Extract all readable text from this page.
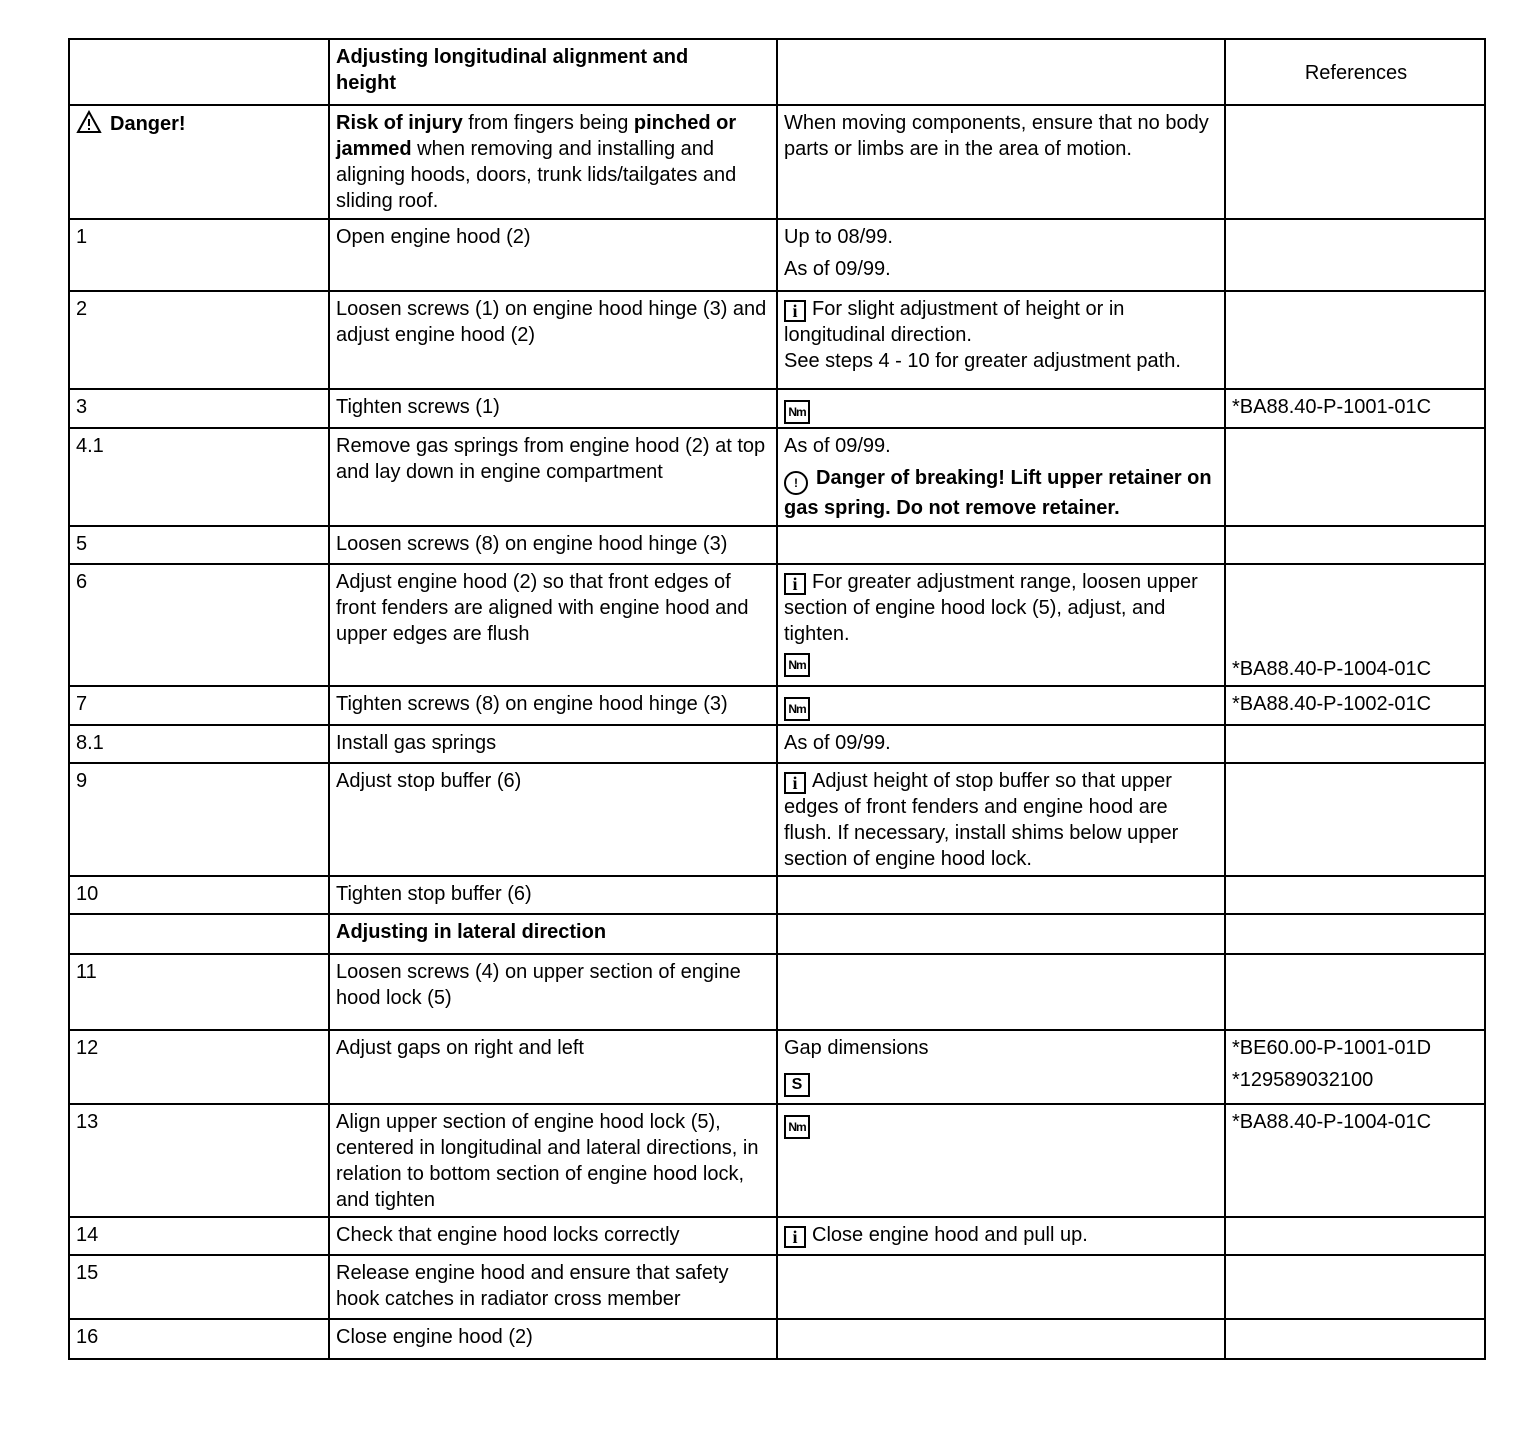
	Adjusting longitudinal alignment and
height		References
Danger!	Risk of injury from fingers being pinched or jammed when removing and installing and aligning hoods, doors, trunk lids/tailgates and sliding roof.	When moving components, ensure that no body parts or limbs are in the area of motion.	
1	Open engine hood (2)	Up to 08/99.
As of 09/99.	

2	Loosen screws (1) on engine hood hinge (3) and adjust engine hood (2)	i For slight adjustment of height or in longitudinal direction.
See steps 4 - 10 for greater adjustment path.	

3	Tighten screws (1)	Nm	*BA88.40-P-1001-01C
4.1	Remove gas springs from engine hood (2) at top and lay down in engine compartment	As of 09/99.
! Danger of breaking! Lift upper retainer on gas spring. Do not remove retainer.	

5	Loosen screws (8) on engine hood hinge (3)		
6	Adjust engine hood (2) so that front edges of front fenders are aligned with engine hood and upper edges are flush	i For greater adjustment range, loosen upper section of engine hood lock (5), adjust, and tighten.
Nm	*BA88.40-P-1004-01C
7	Tighten screws (8) on engine hood hinge (3)	Nm	*BA88.40-P-1002-01C
8.1	Install gas springs	As of 09/99.	
9	Adjust stop buffer (6)	i Adjust height of stop buffer so that upper edges of front fenders and engine hood are flush. If necessary, install shims below upper section of engine hood lock.	
10	Tighten stop buffer (6)		
	Adjusting in lateral direction		
11	Loosen screws (4) on upper section of engine hood lock (5)		
12	Adjust gaps on right and left	Gap dimensions
S	*BE60.00-P-1001-01D
*129589032100

13	Align upper section of engine hood lock (5), centered in longitudinal and lateral directions, in relation to bottom section of engine hood lock, and tighten	Nm	*BA88.40-P-1004-01C
14	Check that engine hood locks correctly	i Close engine hood and pull up.	
15	Release engine hood and ensure that safety hook catches in radiator cross member		
16	Close engine hood (2)		
